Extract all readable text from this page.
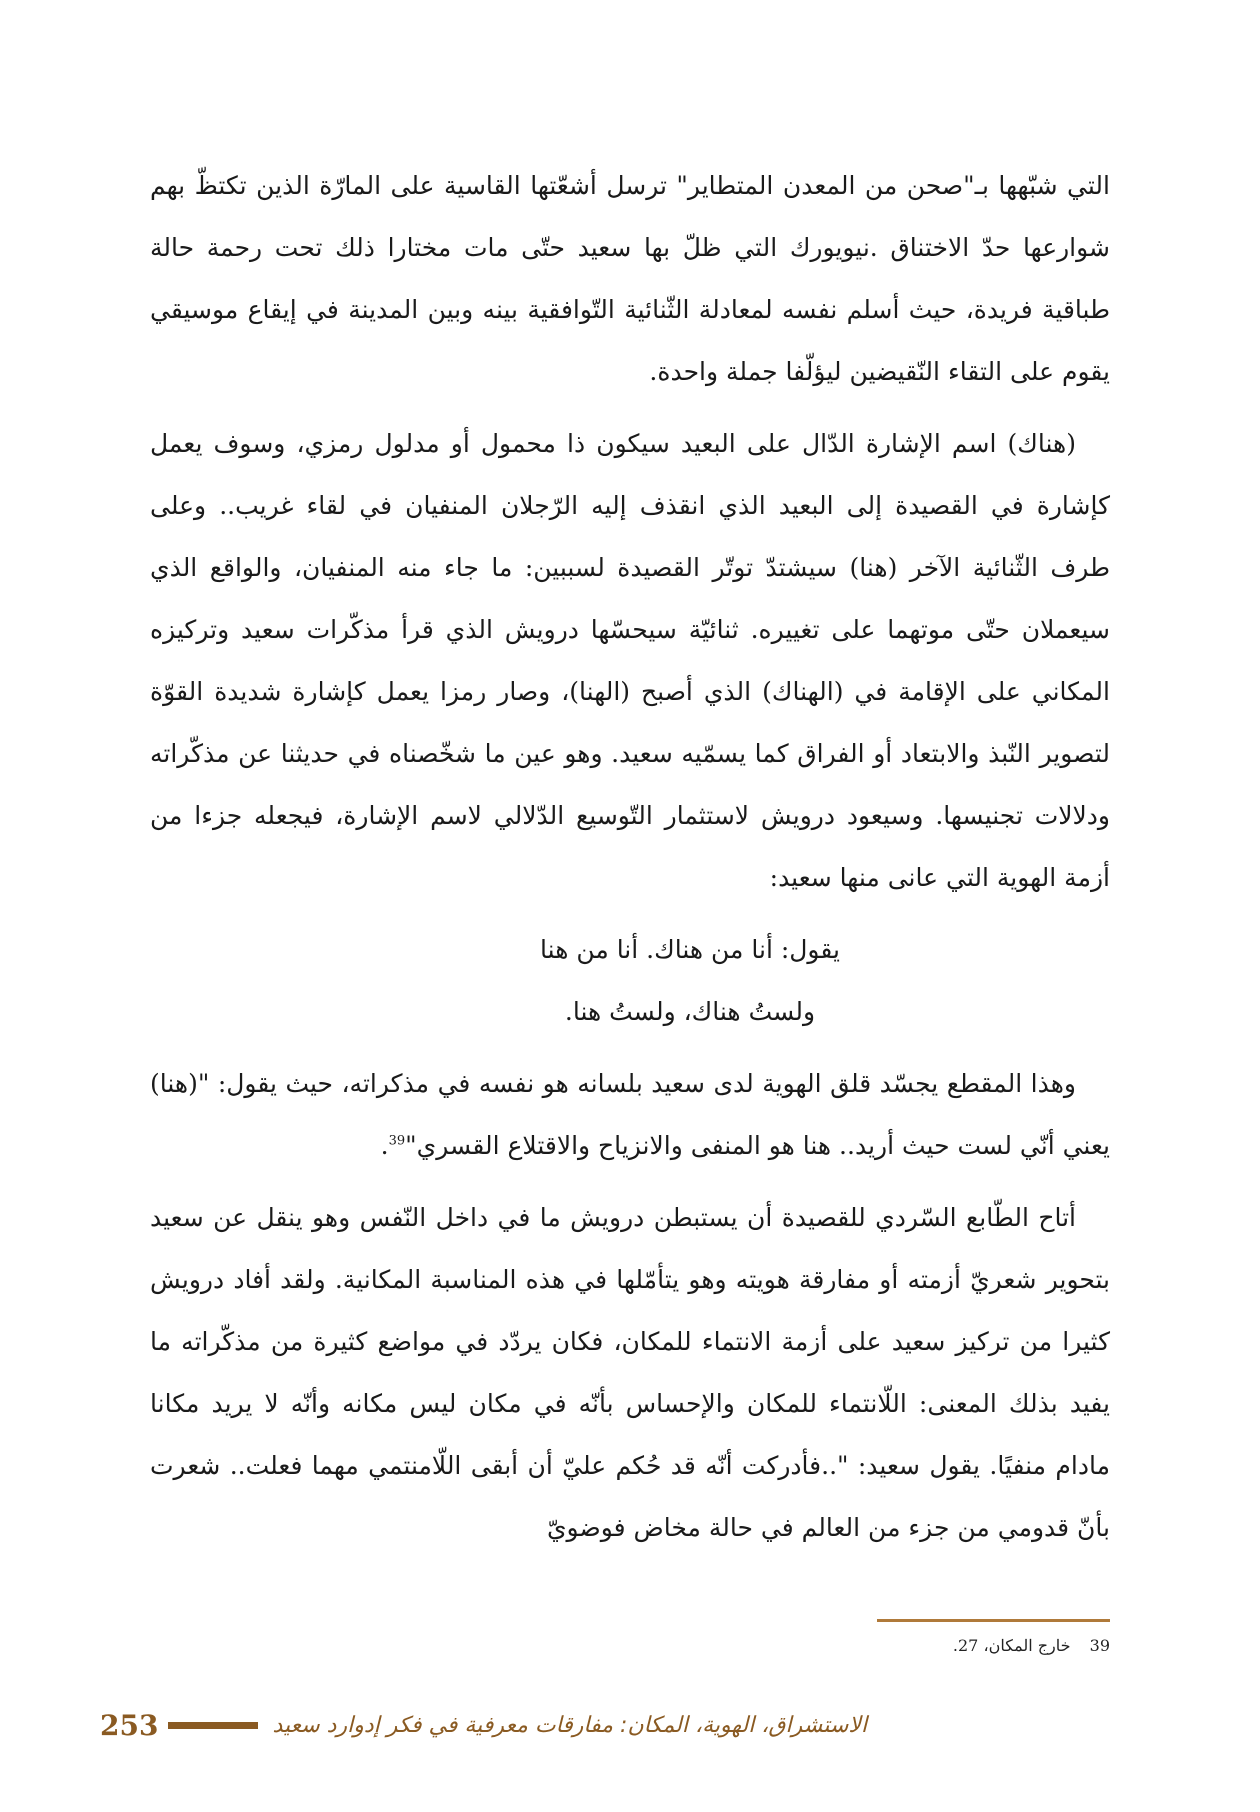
التي شبّهها بـ"صحن من المعدن المتطاير" ترسل أشعّتها القاسية على المارّة الذين تكتظّ بهم شوارعها حدّ الاختناق .نيويورك التي ظلّ بها سعيد حتّى مات مختارا ذلك تحت رحمة حالة طباقية فريدة، حيث أسلم نفسه لمعادلة الثّنائية التّوافقية بينه وبين المدينة في إيقاع موسيقي يقوم على التقاء النّقيضين ليؤلّفا جملة واحدة.

(هناك) اسم الإشارة الدّال على البعيد سيكون ذا محمول أو مدلول رمزي، وسوف يعمل كإشارة في القصيدة إلى البعيد الذي انقذف إليه الرّجلان المنفيان في لقاء غريب.. وعلى طرف الثّنائية الآخر (هنا) سيشتدّ توتّر القصيدة لسببين: ما جاء منه المنفيان، والواقع الذي سيعملان حتّى موتهما على تغييره. ثنائيّة سيحسّها درويش الذي قرأ مذكّرات سعيد وتركيزه المكاني على الإقامة في (الهناك) الذي أصبح (الهنا)، وصار رمزا يعمل كإشارة شديدة القوّة لتصوير النّبذ والابتعاد أو الفراق كما يسمّيه سعيد. وهو عين ما شخّصناه في حديثنا عن مذكّراته ودلالات تجنيسها. وسيعود درويش لاستثمار التّوسيع الدّلالي لاسم الإشارة، فيجعله جزءا من أزمة الهوية التي عانى منها سعيد:

يقول: أنا من هناك. أنا من هنا
ولستُ هناك، ولستُ هنا.

وهذا المقطع يجسّد قلق الهوية لدى سعيد بلسانه هو نفسه في مذكراته، حيث يقول: "(هنا) يعني أنّي لست حيث أريد.. هنا هو المنفى والانزياح والاقتلاع القسري"$^{39}$.

أتاح الطّابع السّردي للقصيدة أن يستبطن درويش ما في داخل النّفس وهو ينقل عن سعيد بتحوير شعريّ أزمته أو مفارقة هويته وهو يتأمّلها في هذه المناسبة المكانية. ولقد أفاد درويش كثيرا من تركيز سعيد على أزمة الانتماء للمكان، فكان يردّد في مواضع كثيرة من مذكّراته ما يفيد بذلك المعنى: اللّانتماء للمكان والإحساس بأنّه في مكان ليس مكانه وأنّه لا يريد مكانا مادام منفيًا. يقول سعيد: "..فأدركت أنّه قد حُكم عليّ أن أبقى اللّامنتمي مهما فعلت.. شعرت بأنّ قدومي من جزء من العالم في حالة مخاض فوضويّ

39 خارج المكان، 27.
253	الاستشراق، الهوية، المكان: مفارقات معرفية في فكر إدوارد سعيد
